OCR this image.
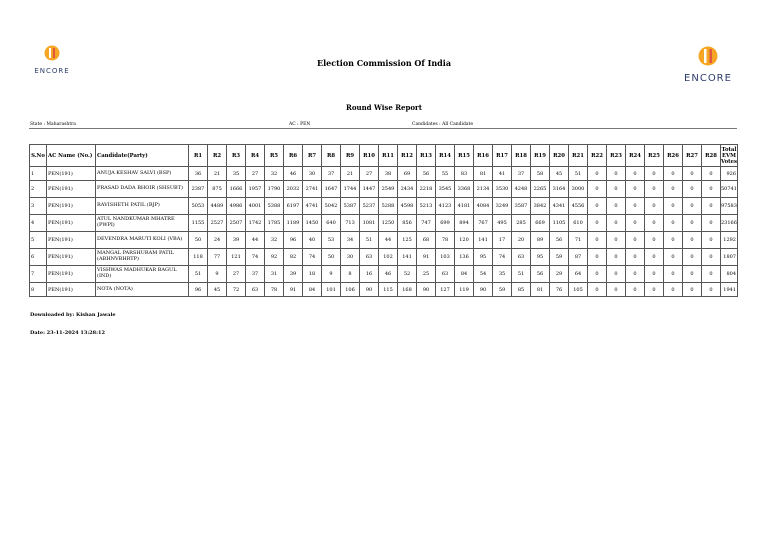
ENCORE
ENCORE
Election Commission Of India
Round Wise Report
State : Maharashtra	AC : PEN	Candidates : All Candidate
S.No	AC Name (No.)	Candidate(Party)	R1	R2	R3	R4	R5	R6	R7	R8	R9	R10	R11	R12	R13	R14	R15	R16	R17	R18	R19	R20	R21	R22	R23	R24	R25	R26	R27	R28	Total EVM Votes
1	PEN(191)	ANUJA KESHAV SALVI (BSP)	36	21	35	27	32	46	30	37	21	27	38	69	56	55	83	81	41	37	58	45	51	0	0	0	0	0	0	0	926
2	PEN(191)	PRASAD DADA BHOIR (SHSUBT)	2387	875	1666	1957	1790	2032	2741	1647	1744	1447	2549	2434	2218	3545	3368	2134	3530	4248	2265	3164	3000	0	0	0	0	0	0	0	50741
3	PEN(191)	RAVISHETH PATIL (BJP)	5053	4489	4986	4001	5388	6197	4741	5042	5387	5237	5288	4598	5213	4123	4181	4084	3249	3587	3842	4341	4556	0	0	0	0	0	0	0	97583
4	PEN(191)	ATUL NANDKUMAR MHATRE (PWPI)	1155	2527	2507	1742	1785	1189	1450	640	713	1081	1250	856	747	699	894	767	495	285	669	1105	610	0	0	0	0	0	0	0	23166
5	PEN(191)	DEVENDRA MARUTI KOLI (VBA)	50	24	39	44	32	96	40	53	34	51	44	125	68	78	120	141	17	20	89	56	71	0	0	0	0	0	0	0	1292
6	PEN(191)	MANGAL PARSHURAM PATIL (ABHNVBHRTP)	118	77	121	74	92	82	74	50	30	63	102	141	91	103	136	95	74	63	95	59	87	0	0	0	0	0	0	0	1807
7	PEN(191)	VISHWAS MADHUKAR BAGUL (IND)	51	9	27	37	31	39	18	9	8	16	46	52	25	63	84	54	35	51	56	29	64	0	0	0	0	0	0	0	804
8	PEN(191)	NOTA (NOTA)	96	45	72	63	78	91	84	101	106	90	115	168	90	127	119	90	59	85	81	76	105	0	0	0	0	0	0	0	1941
Downloaded by: Kishan Jawale
Date: 23-11-2024 13:28:12
